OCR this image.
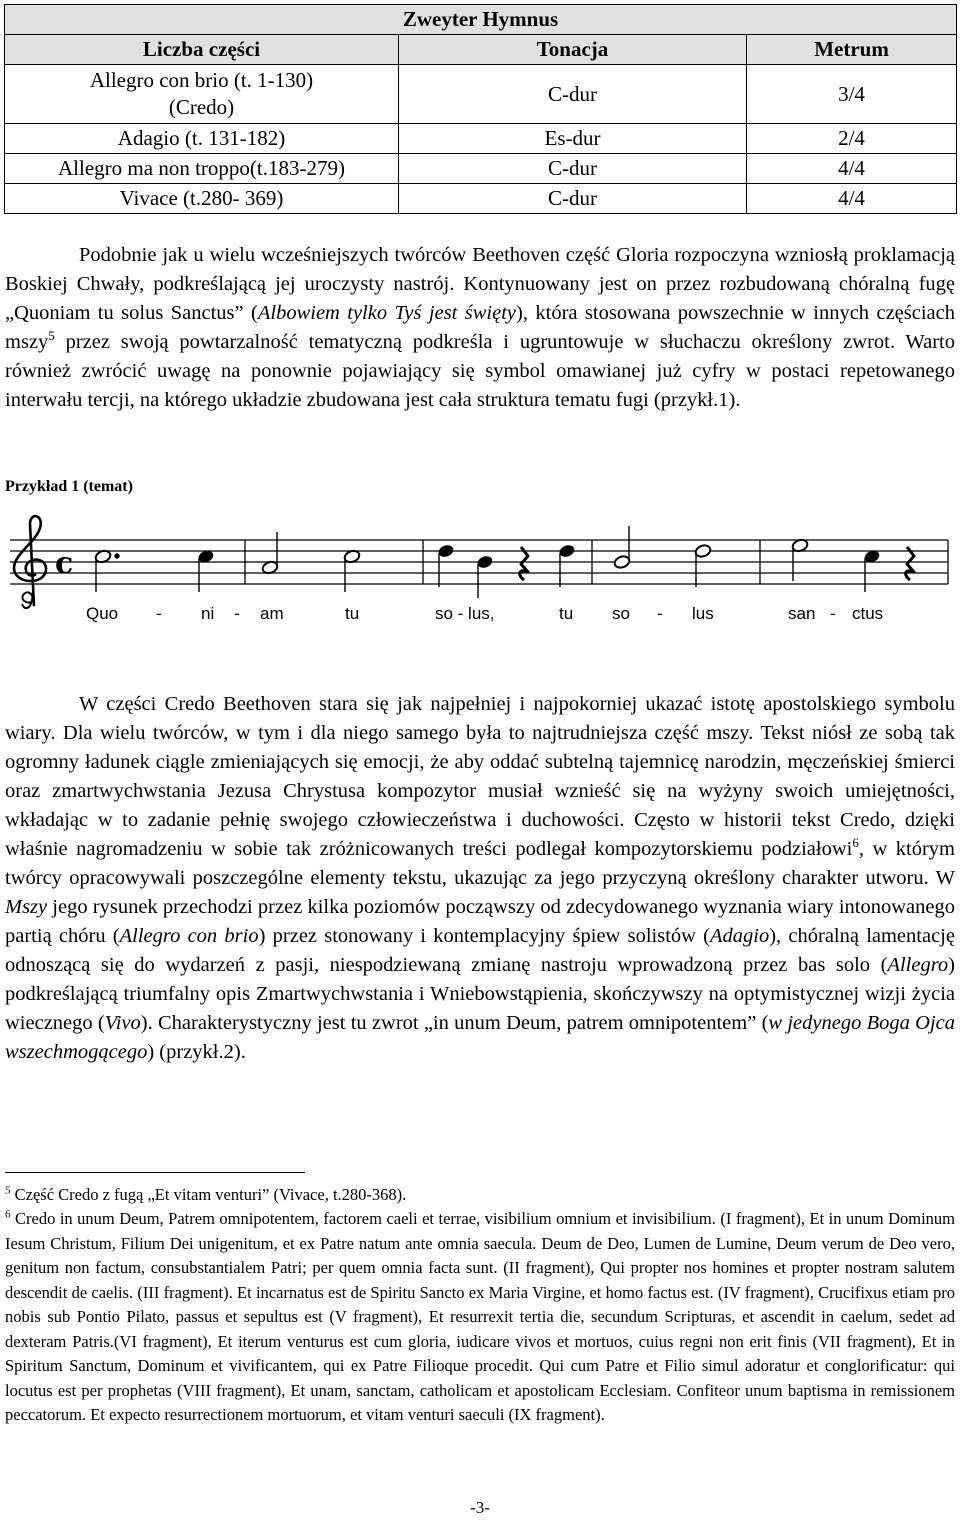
Zweyter Hymnus		
Liczba części	Tonacja	Metrum

Allegro con brio (t. 1-130)
(Credo)	C-dur	3/4
Adagio (t. 131-182)	Es-dur	2/4
Allegro ma non troppo(t.183-279)	C-dur	4/4
Vivace (t.280- 369)	C-dur	4/4

Podobnie jak u wielu wcześniejszych twórców Beethoven część Gloria rozpoczyna wzniosłą proklamacją Boskiej Chwały, podkreślającą jej uroczysty nastrój. Kontynuowany jest on przez rozbudowaną chóralną fugę „Quoniam tu solus Sanctus” (Albowiem tylko Tyś jest święty), która stosowana powszechnie w innych częściach mszy$^5$ przez swoją powtarzalność tematyczną podkreśla i ugruntowuje w słuchaczu określony zwrot. Warto również zwrócić uwagę na ponownie pojawiający się symbol omawianej już cyfry w postaci repetowanego interwału tercji, na którego układzie zbudowana jest cała struktura tematu fugi (przykł.1).

Przykład 1 (temat)

c
Quo - ni - am	tu	so - lus,	tu so - lus	san - ctus

W części Credo Beethoven stara się jak najpełniej i najpokorniej ukazać istotę apostolskiego symbolu wiary. Dla wielu twórców, w tym i dla niego samego była to najtrudniejsza część mszy. Tekst niósł ze sobą tak ogromny ładunek ciągle zmieniających się emocji, że aby oddać subtelną tajemnicę narodzin, męczeńskiej śmierci oraz zmartwychwstania Jezusa Chrystusa kompozytor musiał wznieść się na wyżyny swoich umiejętności, wkładając w to zadanie pełnię swojego człowieczeństwa i duchowości. Często w historii tekst Credo, dzięki właśnie nagromadzeniu w sobie tak zróżnicowanych treści podlegał kompozytorskiemu podziałowi$^6$, w którym twórcy opracowywali poszczególne elementy tekstu, ukazując za jego przyczyną określony charakter utworu. W Mszy jego rysunek przechodzi przez kilka poziomów począwszy od zdecydowanego wyznania wiary intonowanego partią chóru (Allegro con brio) przez stonowany i kontemplacyjny śpiew solistów (Adagio), chóralną lamentację odnoszącą się do wydarzeń z pasji, niespodziewaną zmianę nastroju wprowadzoną przez bas solo (Allegro) podkreślającą triumfalny opis Zmartwychwstania i Wniebowstąpienia, skończywszy na optymistycznej wizji życia wiecznego (Vivo). Charakterystyczny jest tu zwrot „in unum Deum, patrem omnipotentem” (w jedynego Boga Ojca wszechmogącego) (przykł.2).

$^5$ Część Credo z fugą „Et vitam venturi” (Vivace, t.280-368).

$^6$ Credo in unum Deum, Patrem omnipotentem, factorem caeli et terrae, visibilium omnium et invisibilium. (I fragment), Et in unum Dominum Iesum Christum, Filium Dei unigenitum, et ex Patre natum ante omnia saecula. Deum de Deo, Lumen de Lumine, Deum verum de Deo vero, genitum non factum, consubstantialem Patri; per quem omnia facta sunt. (II fragment), Qui propter nos homines et propter nostram salutem descendit de caelis. (III fragment). Et incarnatus est de Spiritu Sancto ex Maria Virgine, et homo factus est. (IV fragment), Crucifixus etiam pro nobis sub Pontio Pilato, passus et sepultus est (V fragment), Et resurrexit tertia die, secundum Scripturas, et ascendit in caelum, sedet ad dexteram Patris.(VI fragment), Et iterum venturus est cum gloria, iudicare vivos et mortuos, cuius regni non erit finis (VII fragment), Et in Spiritum Sanctum, Dominum et vivificantem, qui ex Patre Filioque procedit. Qui cum Patre et Filio simul adoratur et conglorificatur: qui locutus est per prophetas (VIII fragment), Et unam, sanctam, catholicam et apostolicam Ecclesiam. Confiteor unum baptisma in remissionem peccatorum. Et expecto resurrectionem mortuorum, et vitam venturi saeculi (IX fragment).

-3-
